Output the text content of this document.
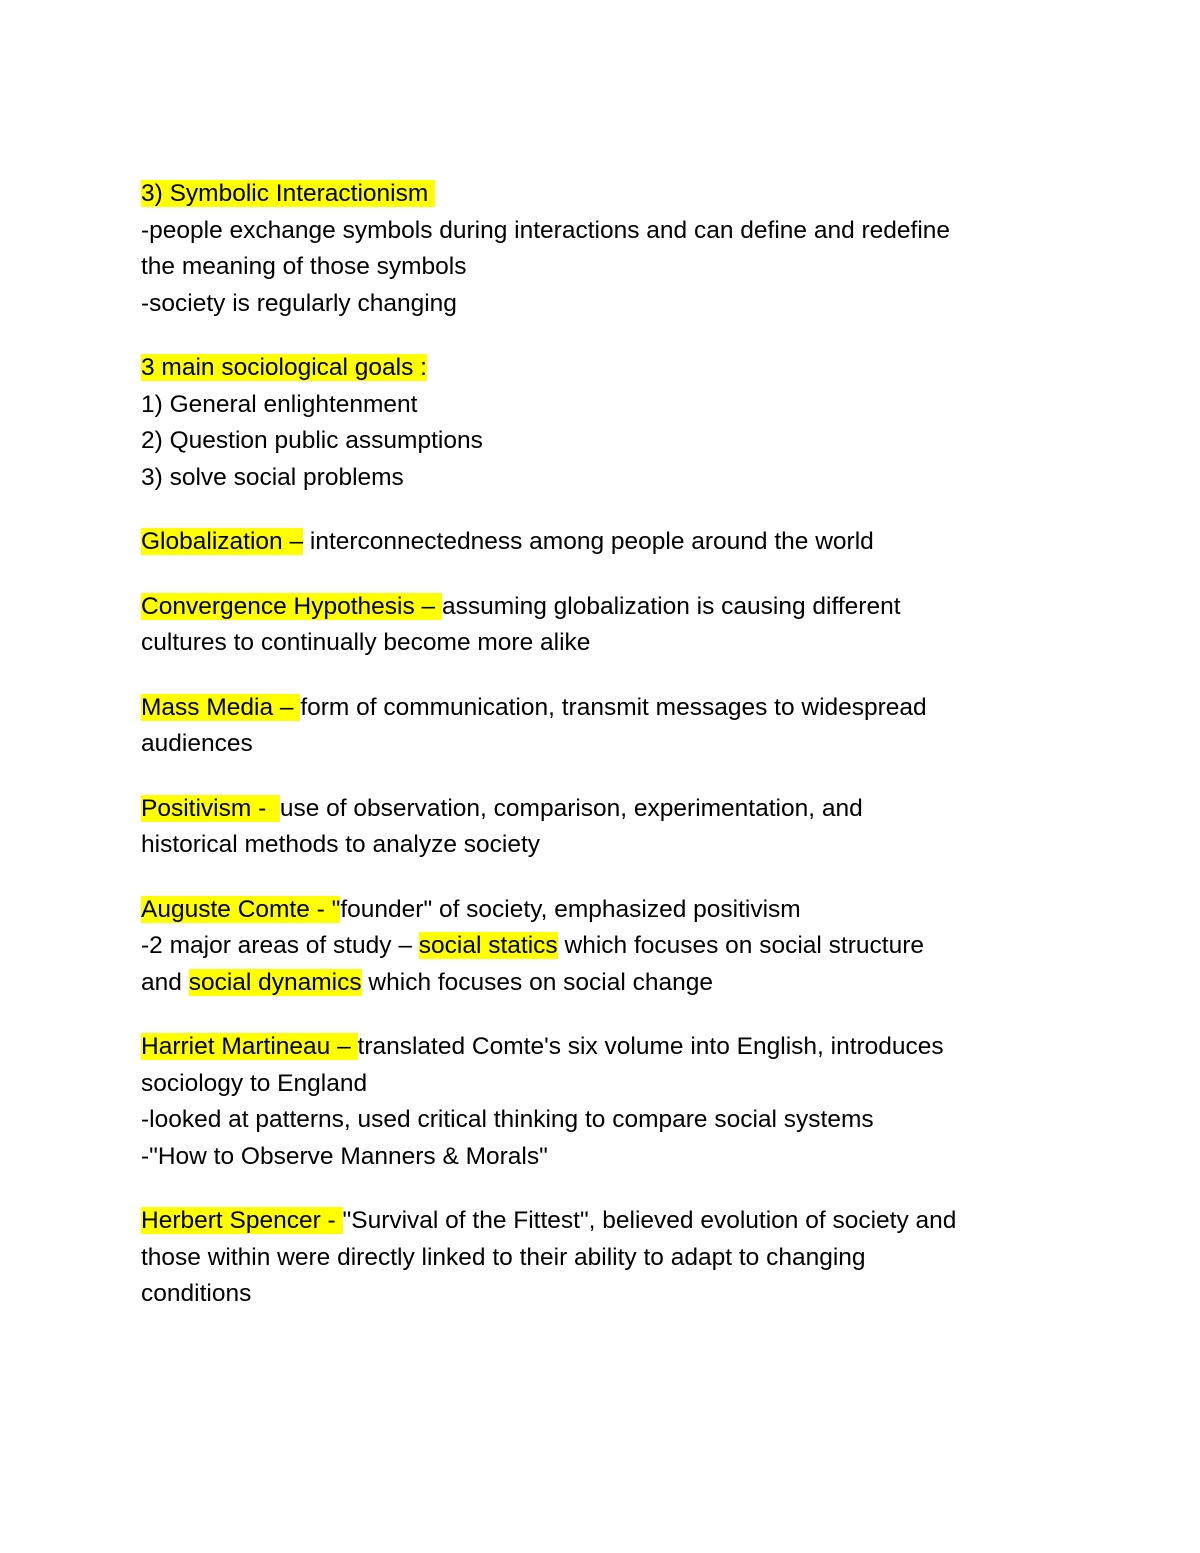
3) Symbolic Interactionism
-people exchange symbols during interactions and can define and redefine
the meaning of those symbols
-society is regularly changing
3 main sociological goals :
1) General enlightenment
2) Question public assumptions
3) solve social problems
Globalization – interconnectedness among people around the world
Convergence Hypothesis – assuming globalization is causing different
cultures to continually become more alike
Mass Media – form of communication, transmit messages to widespread
audiences
Positivism -  use of observation, comparison, experimentation, and
historical methods to analyze society
Auguste Comte - "founder" of society, emphasized positivism
-2 major areas of study – social statics which focuses on social structure
and social dynamics which focuses on social change
Harriet Martineau – translated Comte's six volume into English, introduces
sociology to England
-looked at patterns, used critical thinking to compare social systems
-"How to Observe Manners & Morals"
Herbert Spencer - "Survival of the Fittest", believed evolution of society and
those within were directly linked to their ability to adapt to changing
conditions
